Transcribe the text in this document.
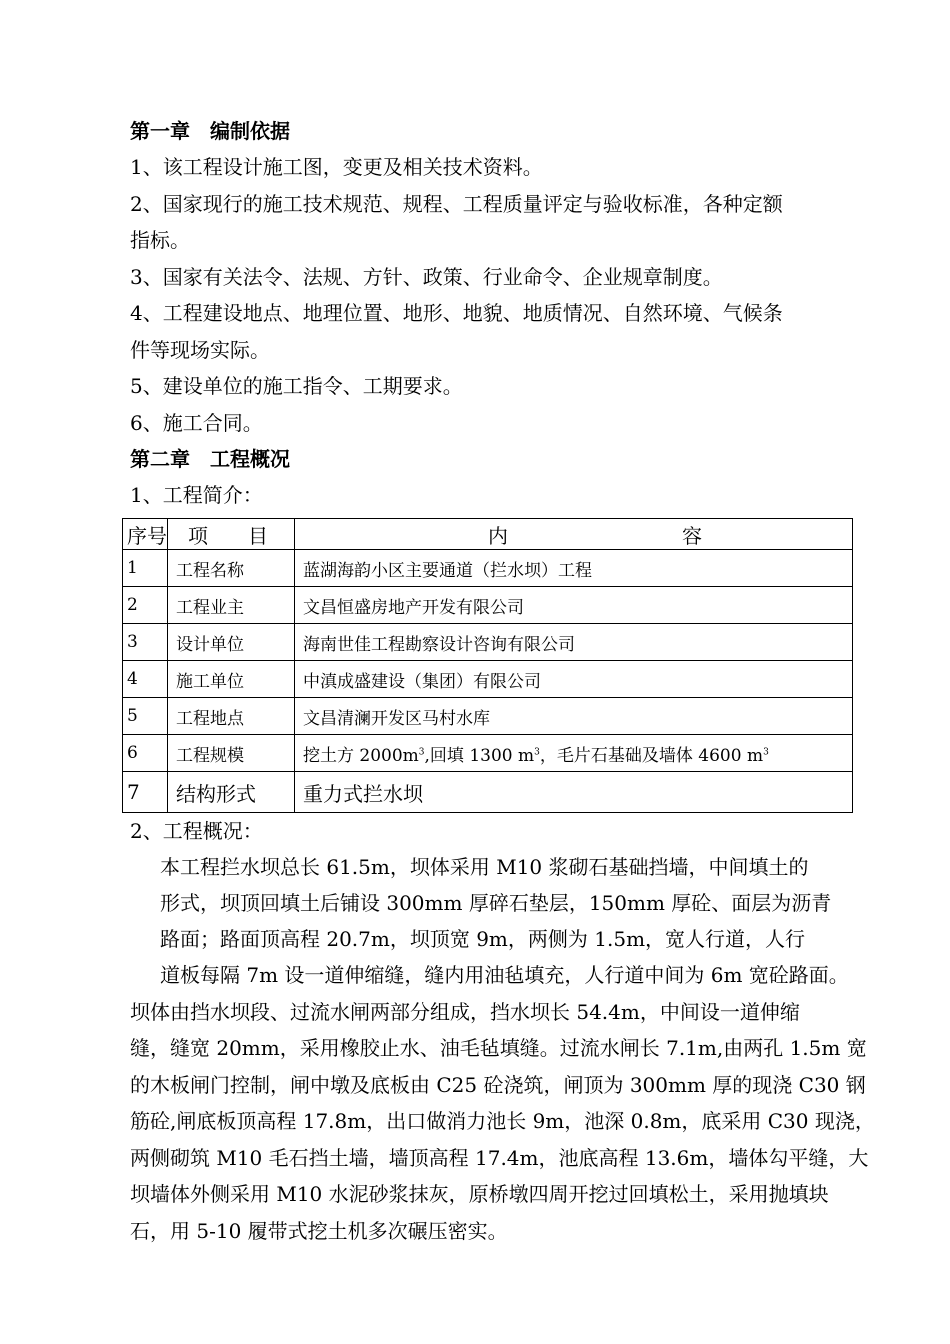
第一章　编制依据

1、该工程设计施工图，变更及相关技术资料。

2、国家现行的施工技术规范、规程、工程质量评定与验收标准，各种定额

指标。

3、国家有关法令、法规、方针、政策、行业命令、企业规章制度。

4、工程建设地点、地理位置、地形、地貌、地质情况、自然环境、气候条

件等现场实际。

5、建设单位的施工指令、工期要求。

6、施工合同。

第二章　工程概况

1、工程简介：

序号	项 目	内 容

1	工程名称	蓝湖海韵小区主要通道（拦水坝）工程
2	工程业主	文昌恒盛房地产开发有限公司
3	设计单位	海南世佳工程勘察设计咨询有限公司
4	施工单位	中滇成盛建设（集团）有限公司
5	工程地点	文昌清澜开发区马村水库
6	工程规模	挖土方 $2000m^3$,回填 1300 $m^3$，毛片石基础及墙体 4600 $m^3$
7	结构形式	重力式拦水坝

2、工程概况：

本工程拦水坝总长 61.5m，坝体采用 M10 浆砌石基础挡墙，中间填土的

形式，坝顶回填土后铺设 300mm 厚碎石垫层，150mm 厚砼、面层为沥青

路面；路面顶高程 20.7m，坝顶宽 9m，两侧为 1.5m，宽人行道，人行

道板每隔 7m 设一道伸缩缝，缝内用油毡填充，人行道中间为 6m 宽砼路面。

坝体由挡水坝段、过流水闸两部分组成，挡水坝长 54.4m，中间设一道伸缩

缝，缝宽 20mm，采用橡胶止水、油毛毡填缝。过流水闸长 7.1m,由两孔 1.5m 宽

的木板闸门控制，闸中墩及底板由 C25 砼浇筑，闸顶为 300mm 厚的现浇 C30 钢

筋砼,闸底板顶高程 17.8m，出口做消力池长 9m，池深 0.8m，底采用 C30 现浇，

两侧砌筑 M10 毛石挡土墙，墙顶高程 17.4m，池底高程 13.6m，墙体勾平缝，大

坝墙体外侧采用 M10 水泥砂浆抹灰，原桥墩四周开挖过回填松土，采用抛填块

石，用 5-10 履带式挖土机多次碾压密实。
